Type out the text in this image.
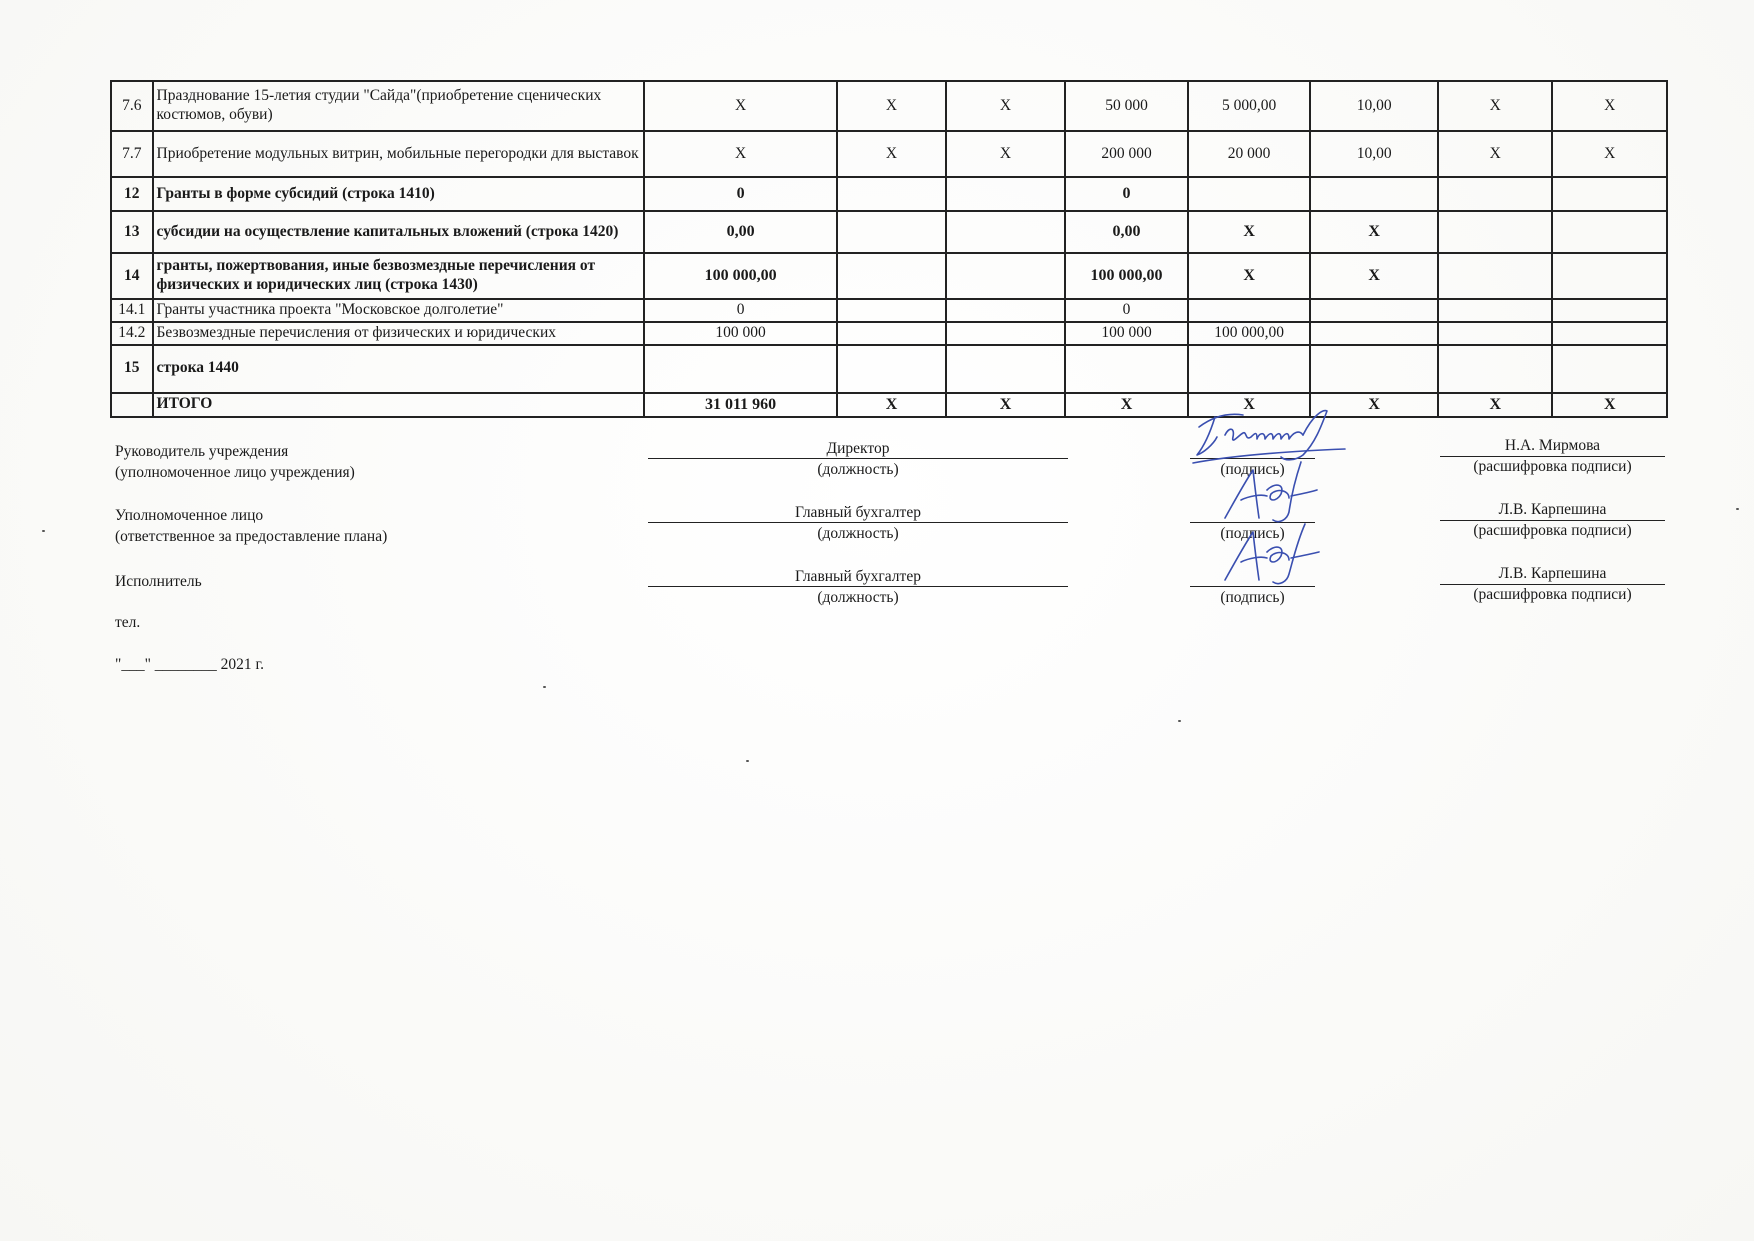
7.6	Празднование 15-летия студии "Сайда"(приобретение сценических костюмов, обуви)	X	X	X	50 000	5 000,00	10,00	X	X
7.7	Приобретение модульных витрин, мобильные перегородки для выставок	X	X	X	200 000	20 000	10,00	X	X
12	Гранты в форме субсидий (строка 1410)	0			0				
13	субсидии на осуществление капитальных вложений (строка 1420)	0,00			0,00	X	X		
14	гранты, пожертвования, иные безвозмездные перечисления от физических и юридических лиц (строка 1430)	100 000,00			100 000,00	X	X		
14.1	Гранты участника проекта "Московское долголетие"	0			0				
14.2	Безвозмездные перечисления от физических и юридических	100 000			100 000	100 000,00			
15	строка 1440								
	ИТОГО	31 011 960	X	X	X	X	X	X	X
Руководитель учреждения
(уполномоченное лицо учреждения)
Директор
(должность)	(подпись)
Н.А. Мирмова
(расшифровка подписи)
Уполномоченное лицо
(ответственное за предоставление плана)
Главный бухгалтер
(должность)	(подпись)
Л.В. Карпешина
(расшифровка подписи)
Исполнитель	Главный бухгалтер
(должность)	(подпись)
Л.В. Карпешина
(расшифровка подписи)
тел.
"___" ________ 2021 г.
